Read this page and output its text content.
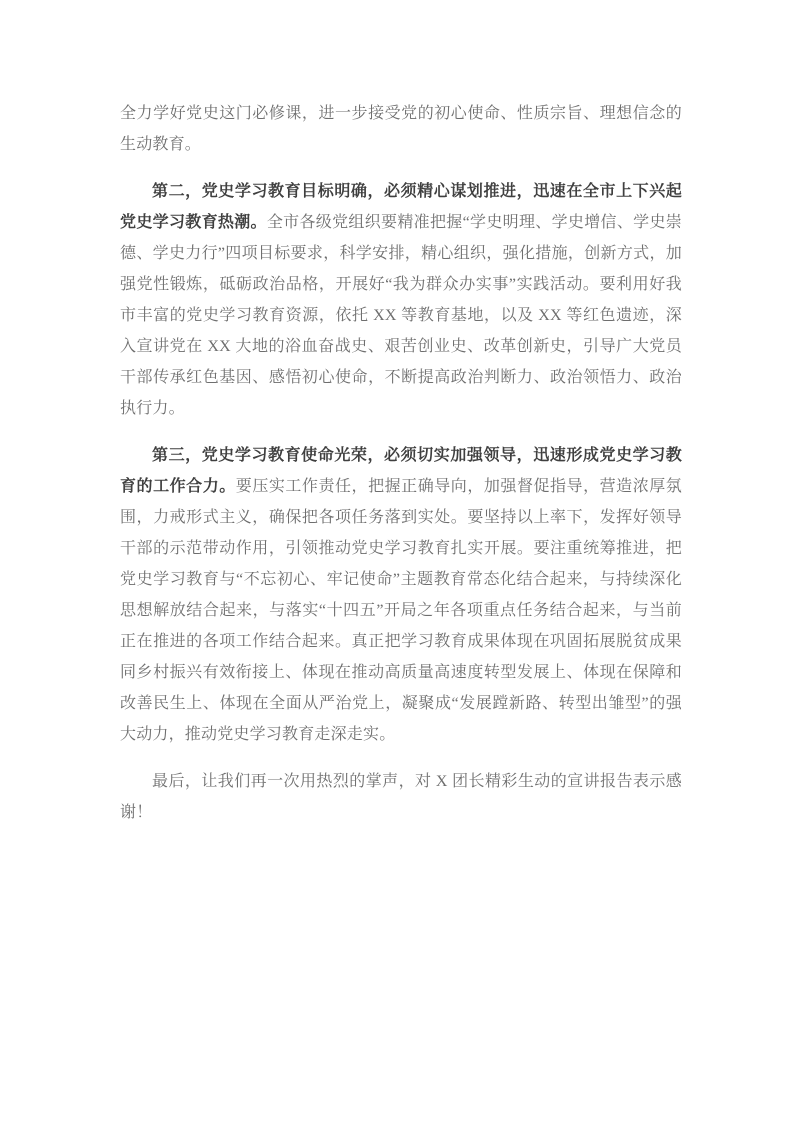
全力学好党史这门必修课，进一步接受党的初心使命、性质宗旨、理想信念的生动教育。

第二，党史学习教育目标明确，必须精心谋划推进，迅速在全市上下兴起党史学习教育热潮。全市各级党组织要精准把握“学史明理、学史增信、学史崇德、学史力行”四项目标要求，科学安排，精心组织，强化措施，创新方式，加强党性锻炼，砥砺政治品格，开展好“我为群众办实事”实践活动。要利用好我市丰富的党史学习教育资源，依托 XX 等教育基地，以及 XX 等红色遗迹，深入宣讲党在 XX 大地的浴血奋战史、艰苦创业史、改革创新史，引导广大党员干部传承红色基因、感悟初心使命，不断提高政治判断力、政治领悟力、政治执行力。

第三，党史学习教育使命光荣，必须切实加强领导，迅速形成党史学习教育的工作合力。要压实工作责任，把握正确导向，加强督促指导，营造浓厚氛围，力戒形式主义，确保把各项任务落到实处。要坚持以上率下，发挥好领导干部的示范带动作用，引领推动党史学习教育扎实开展。要注重统筹推进，把党史学习教育与“不忘初心、牢记使命”主题教育常态化结合起来，与持续深化思想解放结合起来，与落实“十四五”开局之年各项重点任务结合起来，与当前正在推进的各项工作结合起来。真正把学习教育成果体现在巩固拓展脱贫成果同乡村振兴有效衔接上、体现在推动高质量高速度转型发展上、体现在保障和改善民生上、体现在全面从严治党上，凝聚成“发展蹚新路、转型出雏型”的强大动力，推动党史学习教育走深走实。

最后，让我们再一次用热烈的掌声，对 X 团长精彩生动的宣讲报告表示感谢！
